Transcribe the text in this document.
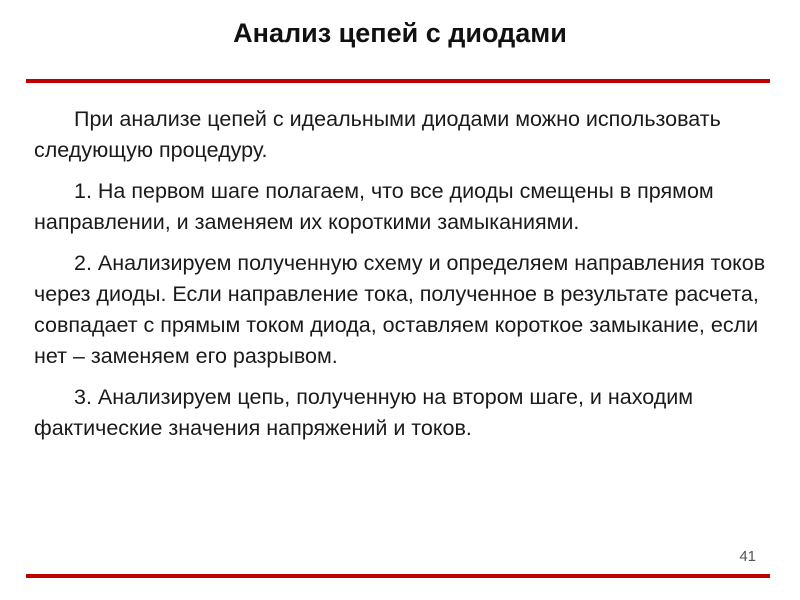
Анализ цепей с диодами

При анализе цепей с идеальными диодами можно использовать следующую процедуру.

1. На первом шаге полагаем, что все диоды смещены в прямом направлении, и заменяем их короткими замыканиями.

2. Анализируем полученную схему и определяем направления токов через диоды. Если направление тока, полученное в результате расчета, совпадает с прямым током диода, оставляем короткое замыкание, если нет – заменяем его разрывом.

3. Анализируем цепь, полученную на втором шаге, и находим фактические значения напряжений и токов.

41
